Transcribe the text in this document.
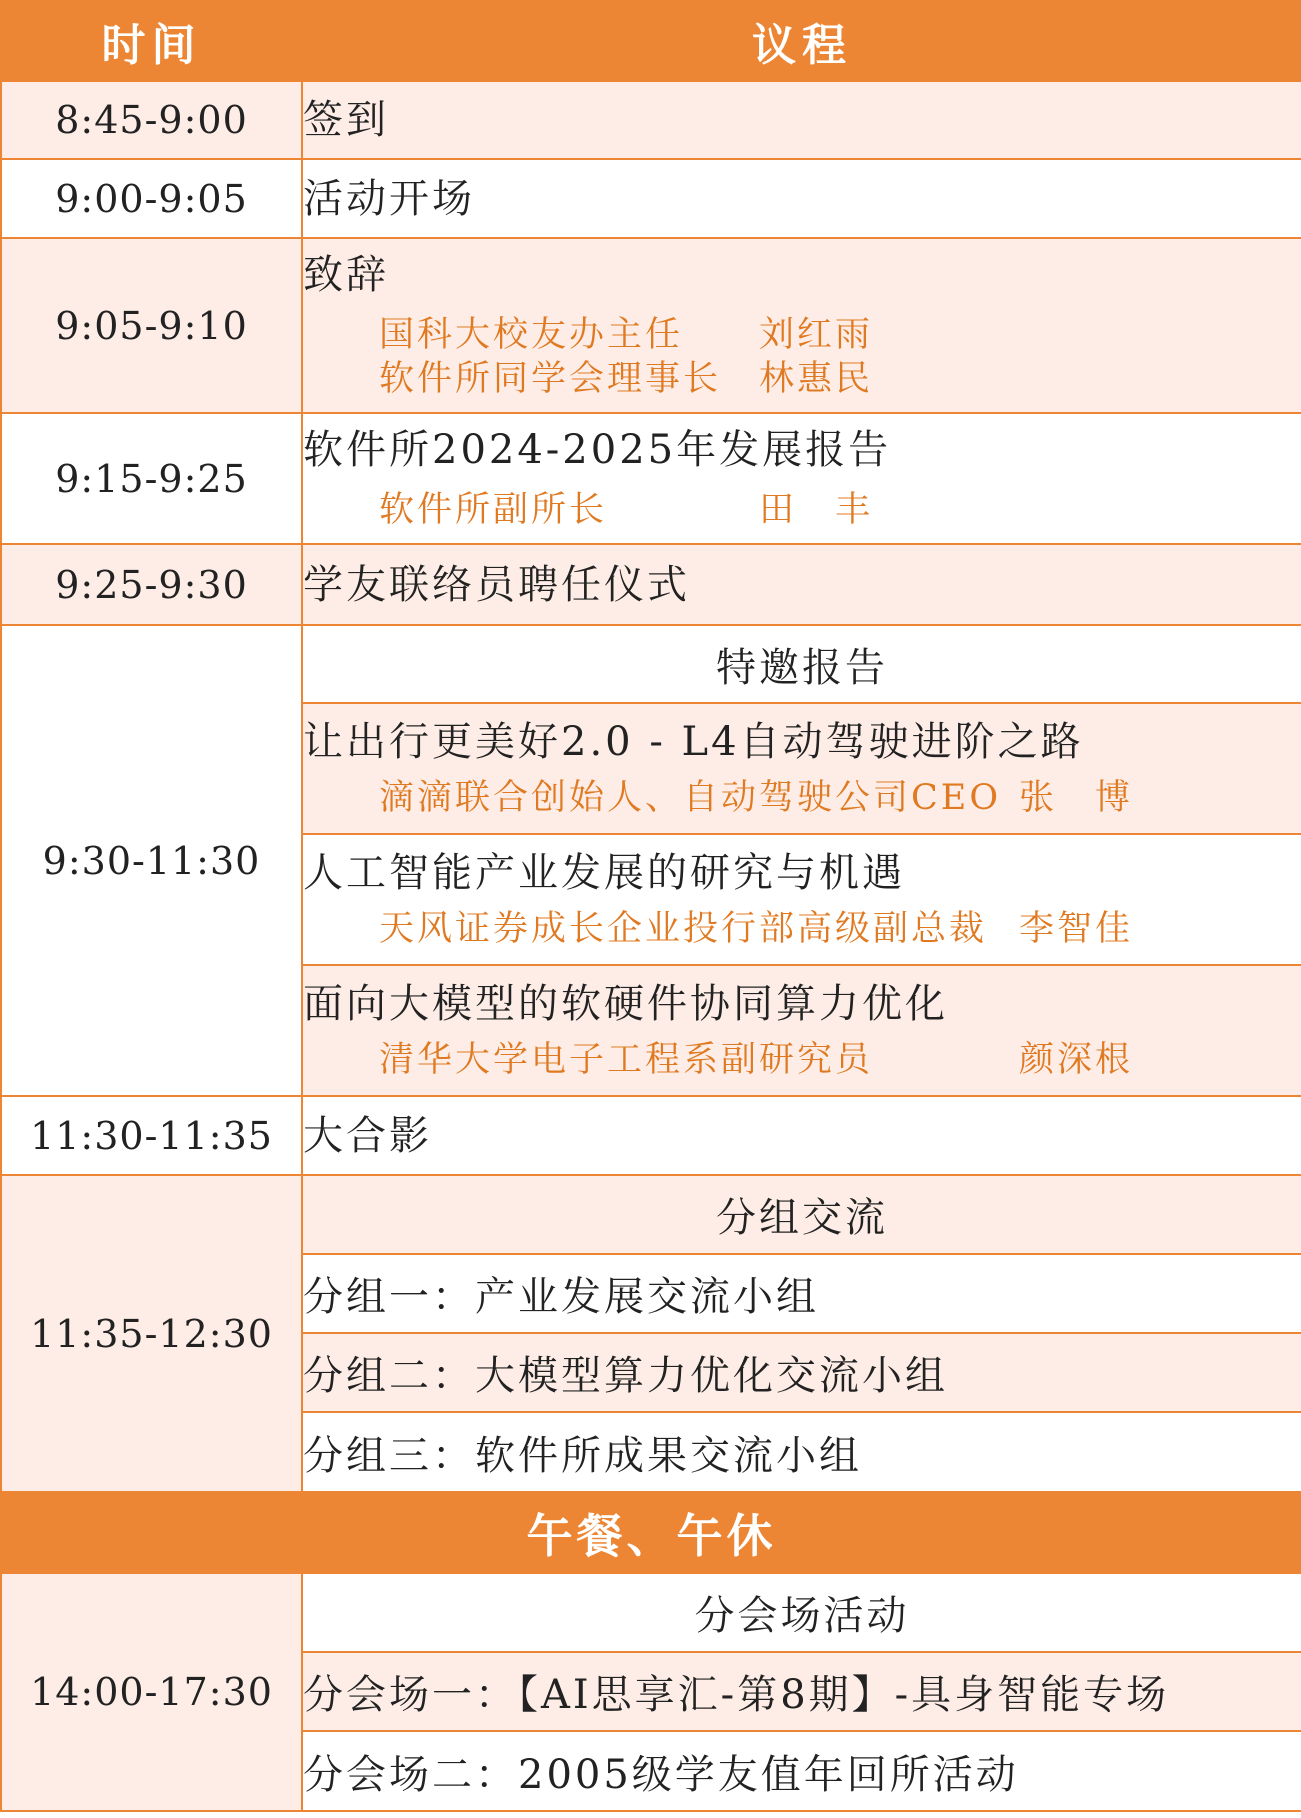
时间	议程
8:45-9:00	签到

9:00-9:05	活动开场

9:05-9:10	致辞
国科大校友办主任 刘红雨
软件所同学会理事长 林惠民

9:15-9:25	软件所2024-2025年发展报告
软件所副所长 田　丰

9:25-9:30	学友联络员聘任仪式

9:30-11:30	特邀报告

	让出行更美好2.0 - L4自动驾驶进阶之路
滴滴联合创始人、自动驾驶公司CEO 张　博

	人工智能产业发展的研究与机遇
天风证券成长企业投行部高级副总裁 李智佳

	面向大模型的软硬件协同算力优化
清华大学电子工程系副研究员 颜深根

11:30-11:35	大合影

11:35-12:30	分组交流
	分组一：产业发展交流小组
	分组二：大模型算力优化交流小组
	分组三：软件所成果交流小组
午餐、午休	
14:00-17:30	分会场活动
	分会场一：【AI思享汇-第8期】-具身智能专场
	分会场二：2005级学友值年回所活动
